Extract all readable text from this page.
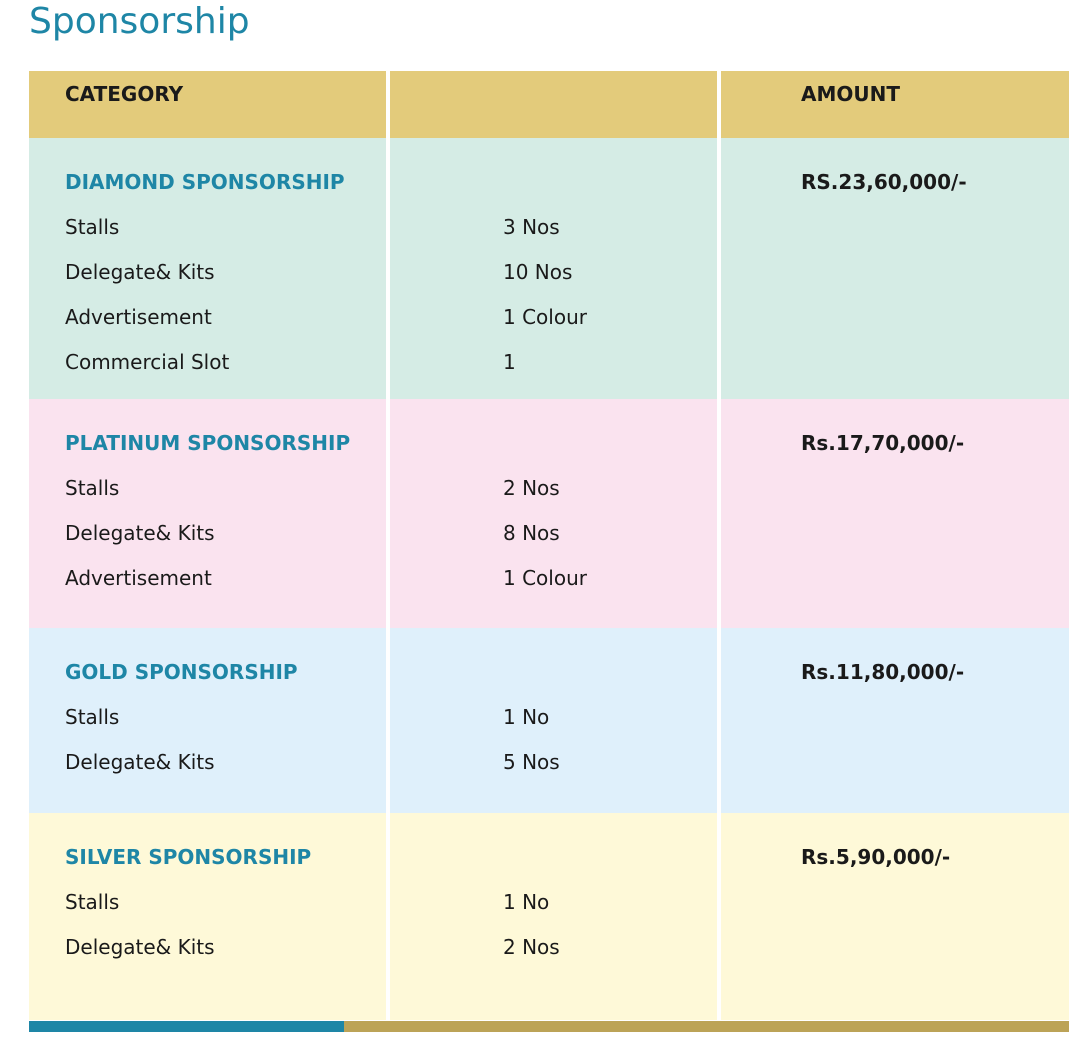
Sponsorship
CATEGORY	AMOUNT
DIAMOND SPONSORSHIP
Stalls
Delegate& Kits
Advertisement
Commercial Slot
3 Nos
10 Nos
1 Colour
1
RS.23,60,000/-
PLATINUM SPONSORSHIP
Stalls
Delegate& Kits
Advertisement
2 Nos
8 Nos
1 Colour
Rs.17,70,000/-
GOLD SPONSORSHIP
Stalls
Delegate& Kits
1 No
5 Nos
Rs.11,80,000/-
SILVER SPONSORSHIP
Stalls
Delegate& Kits
1 No
2 Nos
Rs.5,90,000/-
